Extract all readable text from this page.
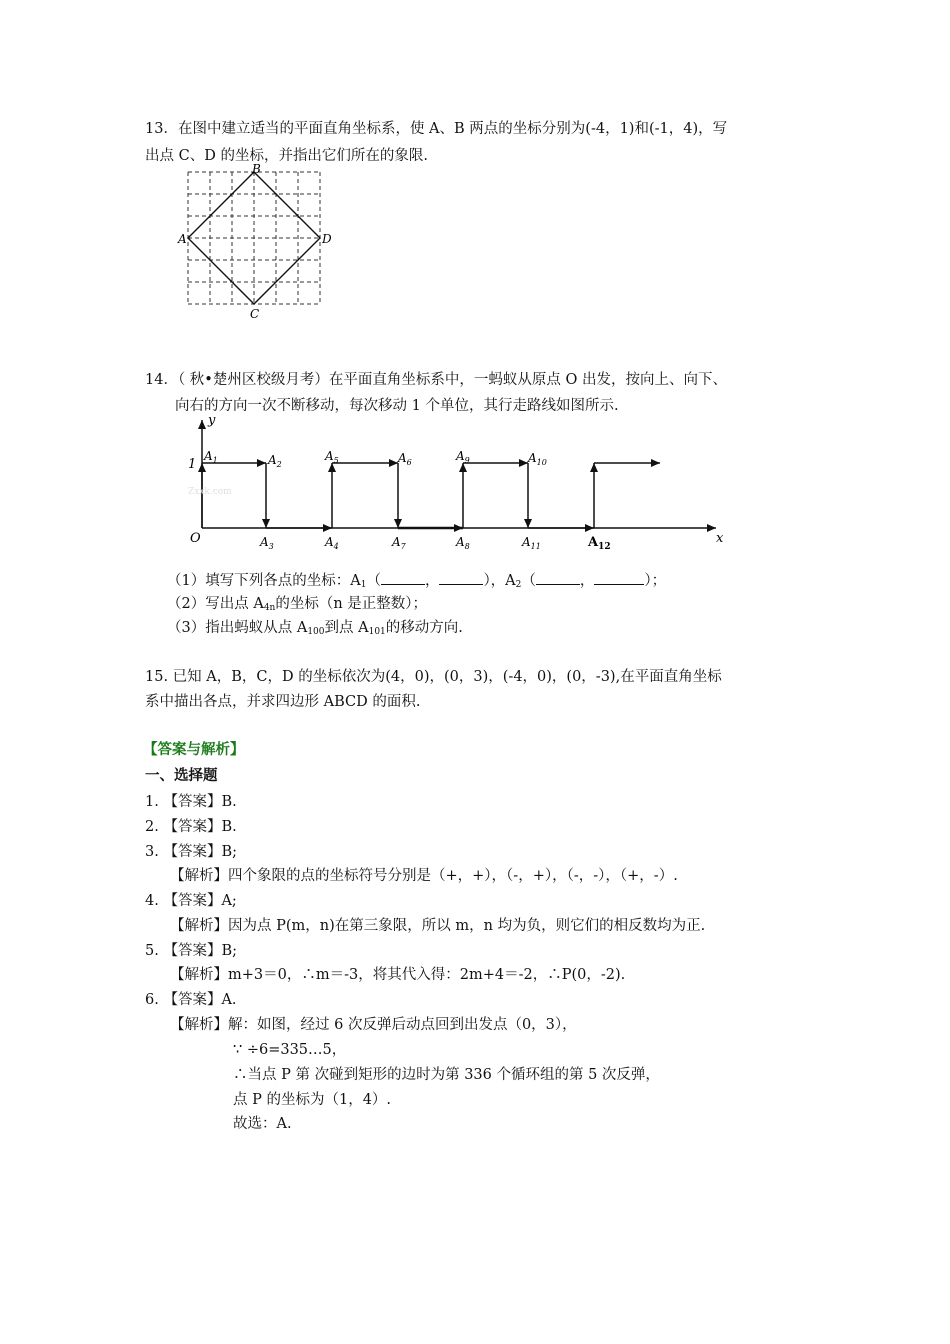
13．在图中建立适当的平面直角坐标系，使 A、B 两点的坐标分别为(-4，1)和(-1，4)，写
出点 C、D 的坐标，并指出它们所在的象限.
A
B
C
D
14．（ 秋•楚州区校级月考）在平面直角坐标系中，一蚂蚁从原点 O 出发，按向上、向下、
向右的方向一次不断移动，每次移动 1 个单位，其行走路线如图所示.
Zxxk.com
y
x
O
1
$A_1$	$A_2$
$A_3$	$A_4$
$A_5$	$A_6$
$A_7$	$A_8$
$A_9$	$A_{10}$
$A_{11}$	$A_{12}$
（1）填写下列各点的坐标：$A_1$（	，	），$A_2$（	，	）；
（2）写出点 $A_{4n}$的坐标（n 是正整数）；
（3）指出蚂蚁从点 $A_{100}$到点 $A_{101}$的移动方向.
15. 已知 A，B，C，D 的坐标依次为(4，0)，(0，3)，(-4，0)，(0，-3),在平面直角坐标
系中描出各点，并求四边形 ABCD 的面积.
【答案与解析】
一、选择题
1. 【答案】B.
2. 【答案】B.
3. 【答案】B;
【解析】四个象限的点的坐标符号分别是（+，+），（-，+），（-，-），（+，-）.
4. 【答案】A;
【解析】因为点 P(m，n)在第三象限，所以 m，n 均为负，则它们的相反数均为正.
5. 【答案】B;
【解析】m+3＝0，∴m＝-3，将其代入得：2m+4＝-2，∴P(0，-2).
6. 【答案】A.
【解析】解：如图，经过 6 次反弹后动点回到出发点（0，3），
∵ ÷6=335…5，
∴当点 P 第 次碰到矩形的边时为第 336 个循环组的第 5 次反弹，
点 P 的坐标为（1，4）.
故选：A.
